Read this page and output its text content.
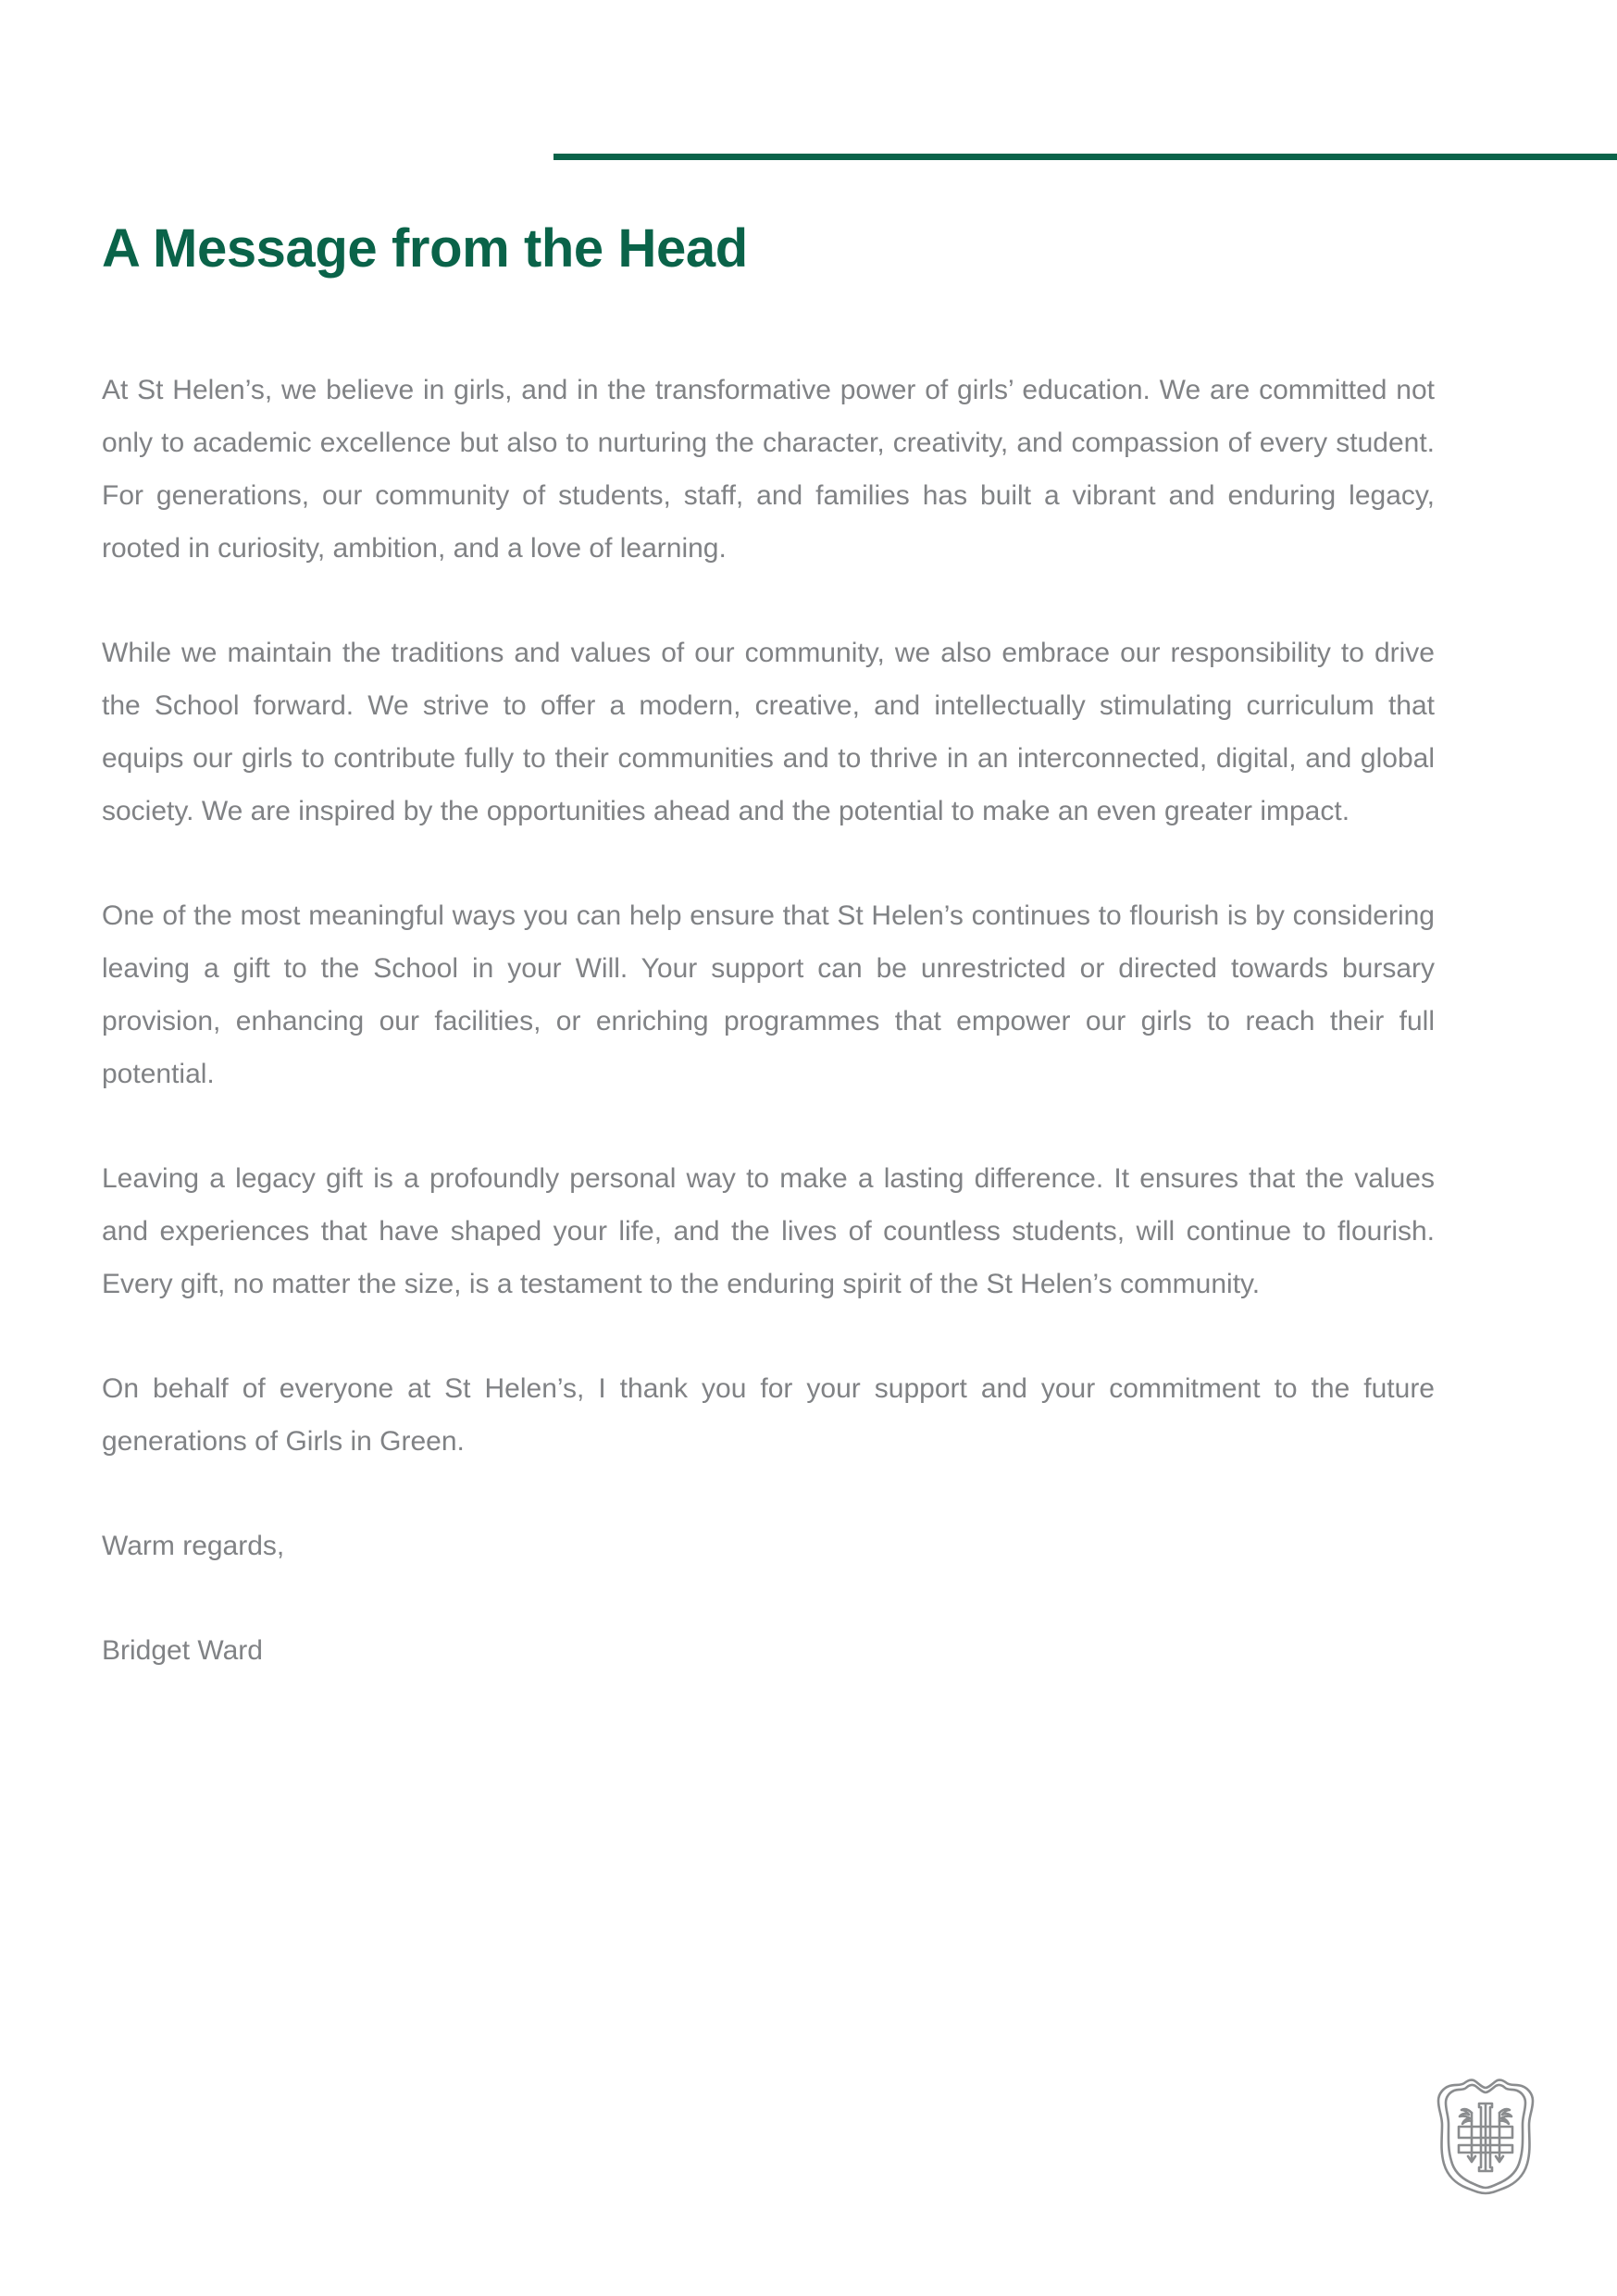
A Message from the Head

At St Helen’s, we believe in girls, and in the transformative power of girls’ education. We are committed not only to academic excellence but also to nurturing the character, creativity, and compassion of every student. For generations, our community of students, staff, and families has built a vibrant and enduring legacy, rooted in curiosity, ambition, and a love of learning.

While we maintain the traditions and values of our community, we also embrace our responsibility to drive the School forward. We strive to offer a modern, creative, and intellectually stimulating curriculum that equips our girls to contribute fully to their communities and to thrive in an interconnected, digital, and global society. We are inspired by the opportunities ahead and the potential to make an even greater impact.

One of the most meaningful ways you can help ensure that St Helen’s continues to flourish is by considering leaving a gift to the School in your Will. Your support can be unrestricted or directed towards bursary provision, enhancing our facilities, or enriching programmes that empower our girls to reach their full potential.

Leaving a legacy gift is a profoundly personal way to make a lasting difference. It ensures that the values and experiences that have shaped your life, and the lives of countless students, will continue to flourish. Every gift, no matter the size, is a testament to the enduring spirit of the St Helen’s community.

On behalf of everyone at St Helen’s, I thank you for your support and your commitment to the future generations of Girls in Green.

Warm regards,

Bridget Ward
